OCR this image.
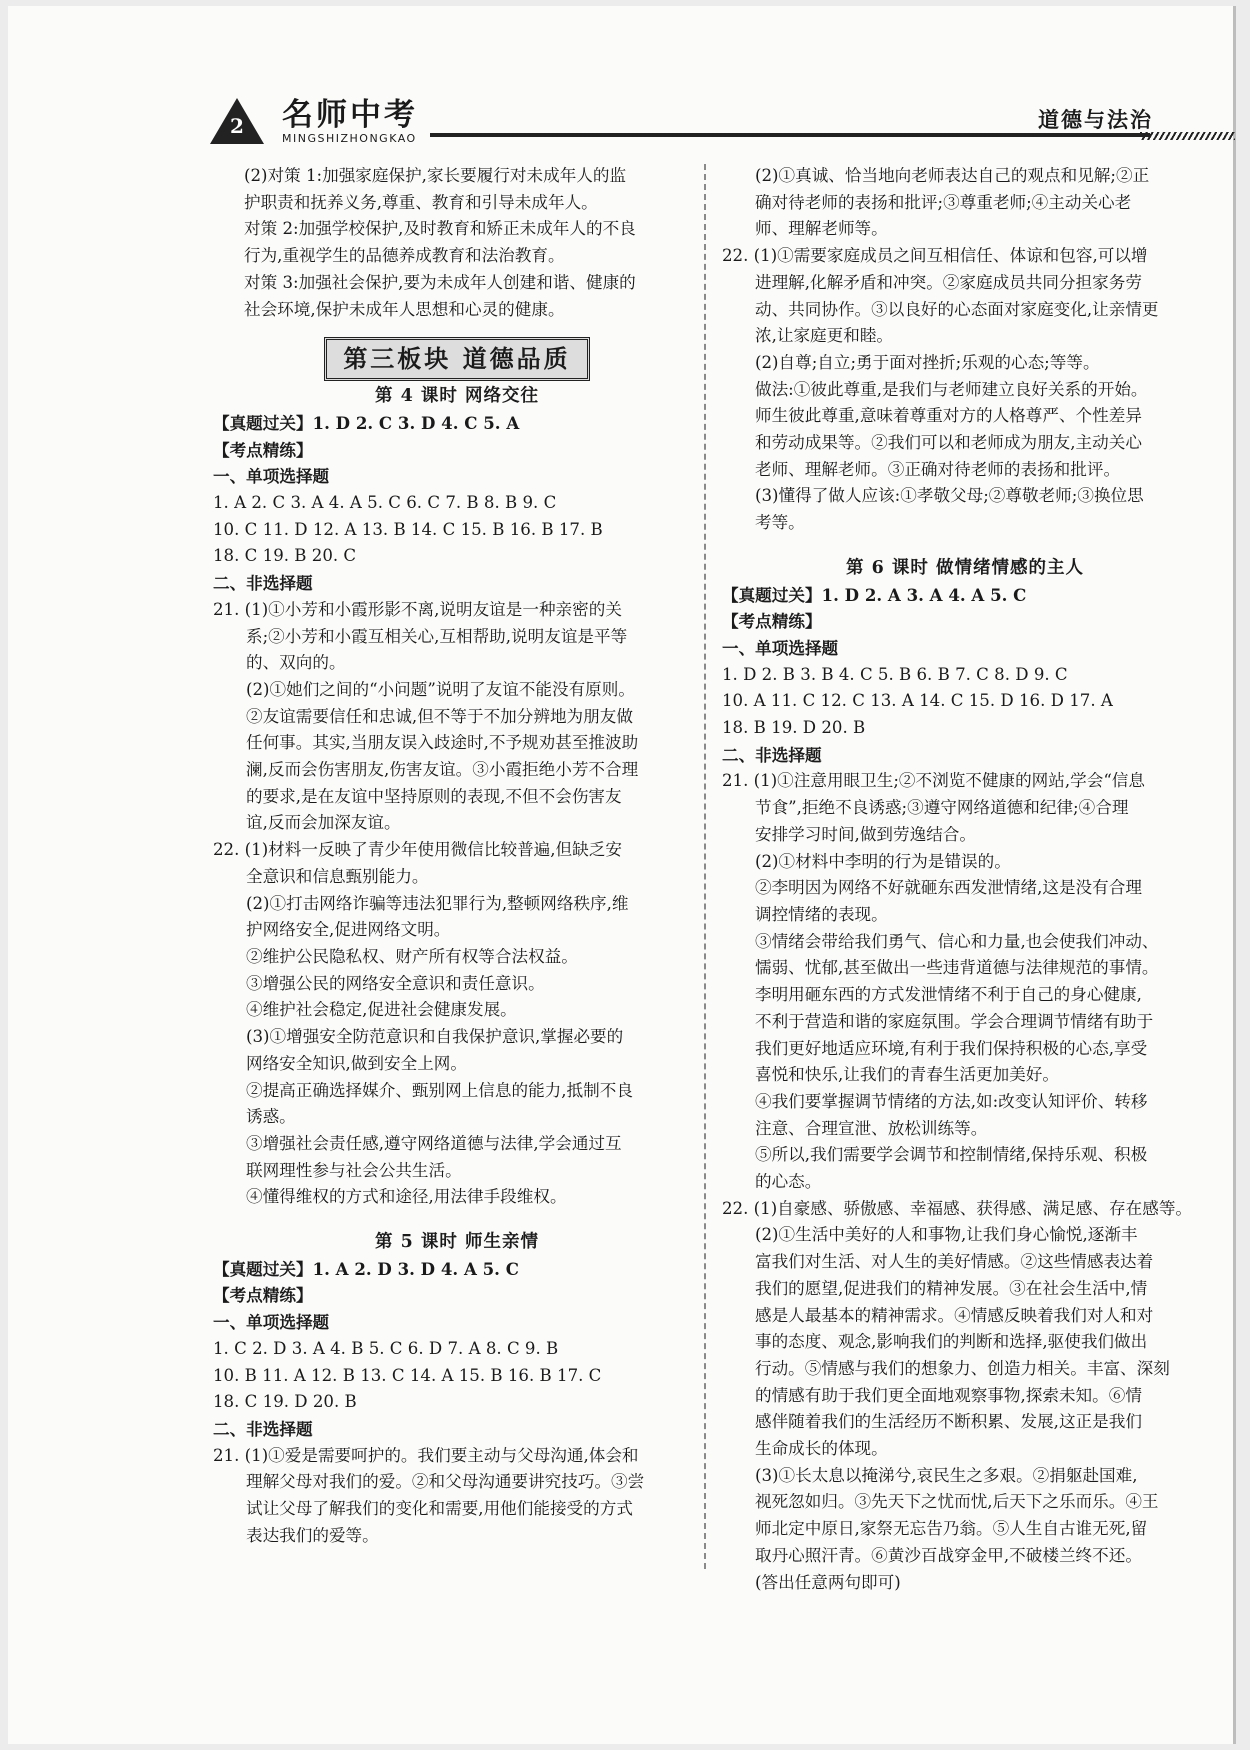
2	名师中考
MINGSHIZHONGKAO
道德与法治

(2)对策 1:加强家庭保护,家长要履行对未成年人的监

护职责和抚养义务,尊重、教育和引导未成年人。

对策 2:加强学校保护,及时教育和矫正未成年人的不良

行为,重视学生的品德养成教育和法治教育。

对策 3:加强社会保护,要为未成年人创建和谐、健康的

社会环境,保护未成年人思想和心灵的健康。

第三板块 道德品质

第 4 课时 网络交往

【真题过关】1. D 2. C 3. D 4. C 5. A

【考点精练】

一、单项选择题

1. A 2. C 3. A 4. A 5. C 6. C 7. B 8. B 9. C

10. C 11. D 12. A 13. B 14. C 15. B 16. B 17. B

18. C 19. B 20. C

二、非选择题

21. (1)①小芳和小霞形影不离,说明友谊是一种亲密的关

系;②小芳和小霞互相关心,互相帮助,说明友谊是平等

的、双向的。

(2)①她们之间的“小问题”说明了友谊不能没有原则。

②友谊需要信任和忠诚,但不等于不加分辨地为朋友做

任何事。其实,当朋友误入歧途时,不予规劝甚至推波助

澜,反而会伤害朋友,伤害友谊。③小霞拒绝小芳不合理

的要求,是在友谊中坚持原则的表现,不但不会伤害友

谊,反而会加深友谊。

22. (1)材料一反映了青少年使用微信比较普遍,但缺乏安

全意识和信息甄别能力。

(2)①打击网络诈骗等违法犯罪行为,整顿网络秩序,维

护网络安全,促进网络文明。

②维护公民隐私权、财产所有权等合法权益。

③增强公民的网络安全意识和责任意识。

④维护社会稳定,促进社会健康发展。

(3)①增强安全防范意识和自我保护意识,掌握必要的

网络安全知识,做到安全上网。

②提高正确选择媒介、甄别网上信息的能力,抵制不良

诱惑。

③增强社会责任感,遵守网络道德与法律,学会通过互

联网理性参与社会公共生活。

④懂得维权的方式和途径,用法律手段维权。

第 5 课时 师生亲情

【真题过关】1. A 2. D 3. D 4. A 5. C

【考点精练】

一、单项选择题

1. C 2. D 3. A 4. B 5. C 6. D 7. A 8. C 9. B

10. B 11. A 12. B 13. C 14. A 15. B 16. B 17. C

18. C 19. D 20. B

二、非选择题

21. (1)①爱是需要呵护的。我们要主动与父母沟通,体会和

理解父母对我们的爱。②和父母沟通要讲究技巧。③尝

试让父母了解我们的变化和需要,用他们能接受的方式

表达我们的爱等。

(2)①真诚、恰当地向老师表达自己的观点和见解;②正

确对待老师的表扬和批评;③尊重老师;④主动关心老

师、理解老师等。

22. (1)①需要家庭成员之间互相信任、体谅和包容,可以增

进理解,化解矛盾和冲突。②家庭成员共同分担家务劳

动、共同协作。③以良好的心态面对家庭变化,让亲情更

浓,让家庭更和睦。

(2)自尊;自立;勇于面对挫折;乐观的心态;等等。

做法:①彼此尊重,是我们与老师建立良好关系的开始。

师生彼此尊重,意味着尊重对方的人格尊严、个性差异

和劳动成果等。②我们可以和老师成为朋友,主动关心

老师、理解老师。③正确对待老师的表扬和批评。

(3)懂得了做人应该:①孝敬父母;②尊敬老师;③换位思

考等。

第 6 课时 做情绪情感的主人

【真题过关】1. D 2. A 3. A 4. A 5. C

【考点精练】

一、单项选择题

1. D 2. B 3. B 4. C 5. B 6. B 7. C 8. D 9. C

10. A 11. C 12. C 13. A 14. C 15. D 16. D 17. A

18. B 19. D 20. B

二、非选择题

21. (1)①注意用眼卫生;②不浏览不健康的网站,学会“信息

节食”,拒绝不良诱惑;③遵守网络道德和纪律;④合理

安排学习时间,做到劳逸结合。

(2)①材料中李明的行为是错误的。

②李明因为网络不好就砸东西发泄情绪,这是没有合理

调控情绪的表现。

③情绪会带给我们勇气、信心和力量,也会使我们冲动、

懦弱、忧郁,甚至做出一些违背道德与法律规范的事情。

李明用砸东西的方式发泄情绪不利于自己的身心健康,

不利于营造和谐的家庭氛围。学会合理调节情绪有助于

我们更好地适应环境,有利于我们保持积极的心态,享受

喜悦和快乐,让我们的青春生活更加美好。

④我们要掌握调节情绪的方法,如:改变认知评价、转移

注意、合理宣泄、放松训练等。

⑤所以,我们需要学会调节和控制情绪,保持乐观、积极

的心态。

22. (1)自豪感、骄傲感、幸福感、获得感、满足感、存在感等。

(2)①生活中美好的人和事物,让我们身心愉悦,逐渐丰

富我们对生活、对人生的美好情感。②这些情感表达着

我们的愿望,促进我们的精神发展。③在社会生活中,情

感是人最基本的精神需求。④情感反映着我们对人和对

事的态度、观念,影响我们的判断和选择,驱使我们做出

行动。⑤情感与我们的想象力、创造力相关。丰富、深刻

的情感有助于我们更全面地观察事物,探索未知。⑥情

感伴随着我们的生活经历不断积累、发展,这正是我们

生命成长的体现。

(3)①长太息以掩涕兮,哀民生之多艰。②捐躯赴国难,

视死忽如归。③先天下之忧而忧,后天下之乐而乐。④王

师北定中原日,家祭无忘告乃翁。⑤人生自古谁无死,留

取丹心照汗青。⑥黄沙百战穿金甲,不破楼兰终不还。

(答出任意两句即可)
